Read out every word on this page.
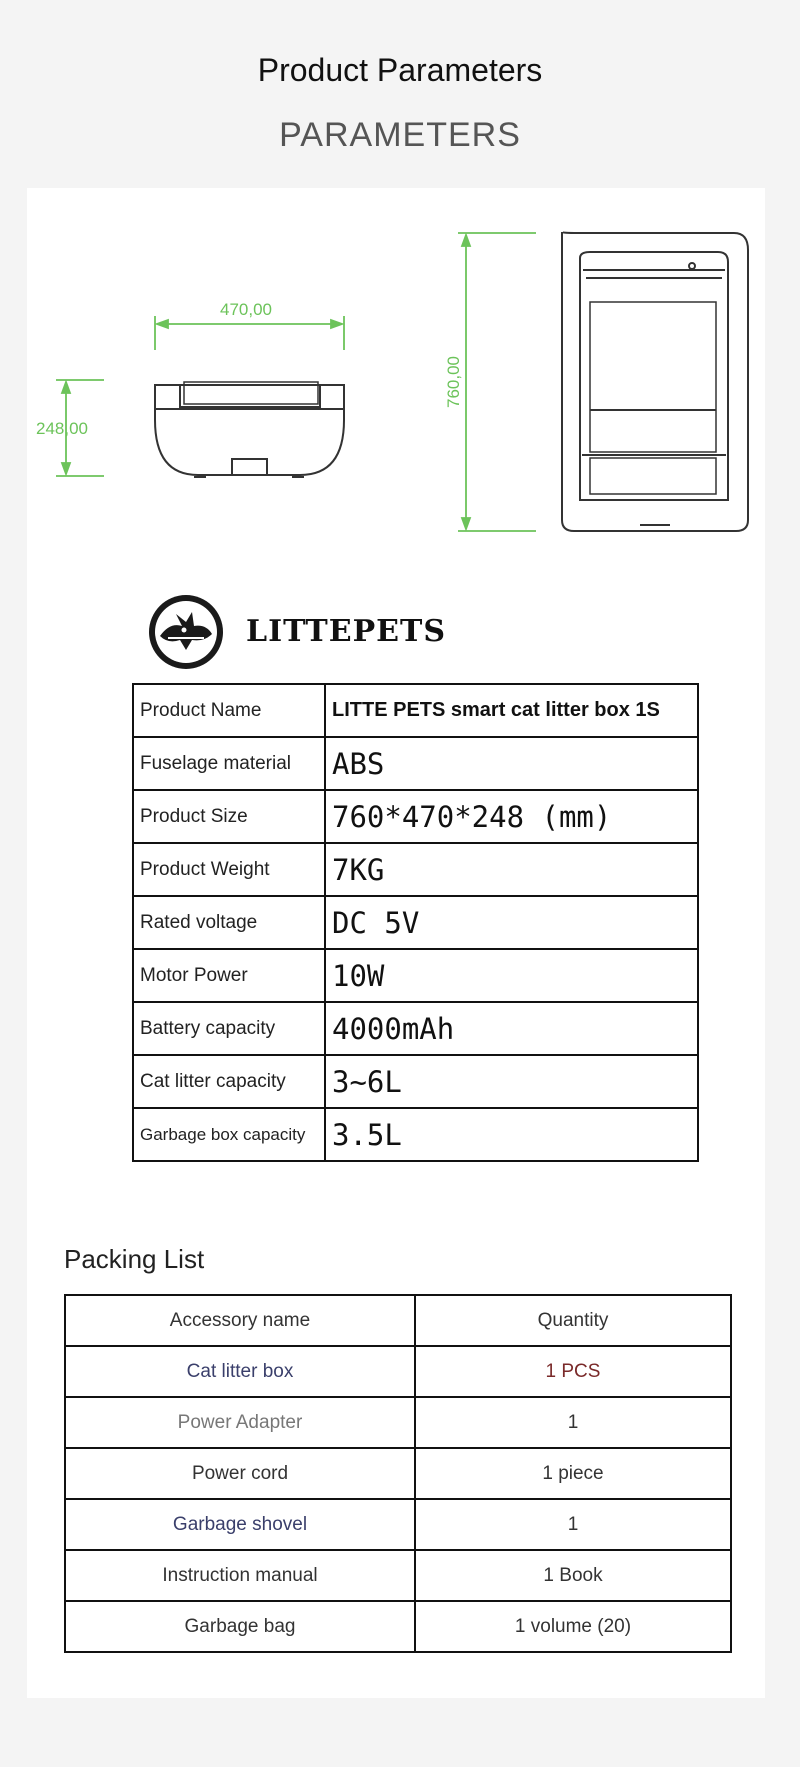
Product Parameters
PARAMETERS
470,00
248,00
760,00
LITTEPETS
Product Name	LITTE PETS smart cat litter box 1S
Fuselage material	ABS
Product Size	760*470*248 (mm)
Product Weight	7KG
Rated voltage	DC 5V
Motor Power	10W
Battery capacity	4000mAh
Cat litter capacity	3~6L
Garbage box capacity	3.5L
Packing List
Accessory name	Quantity
Cat litter box	1 PCS
Power Adapter	1
Power cord	1 piece
Garbage shovel	1
Instruction manual	1 Book
Garbage bag	1 volume (20)
